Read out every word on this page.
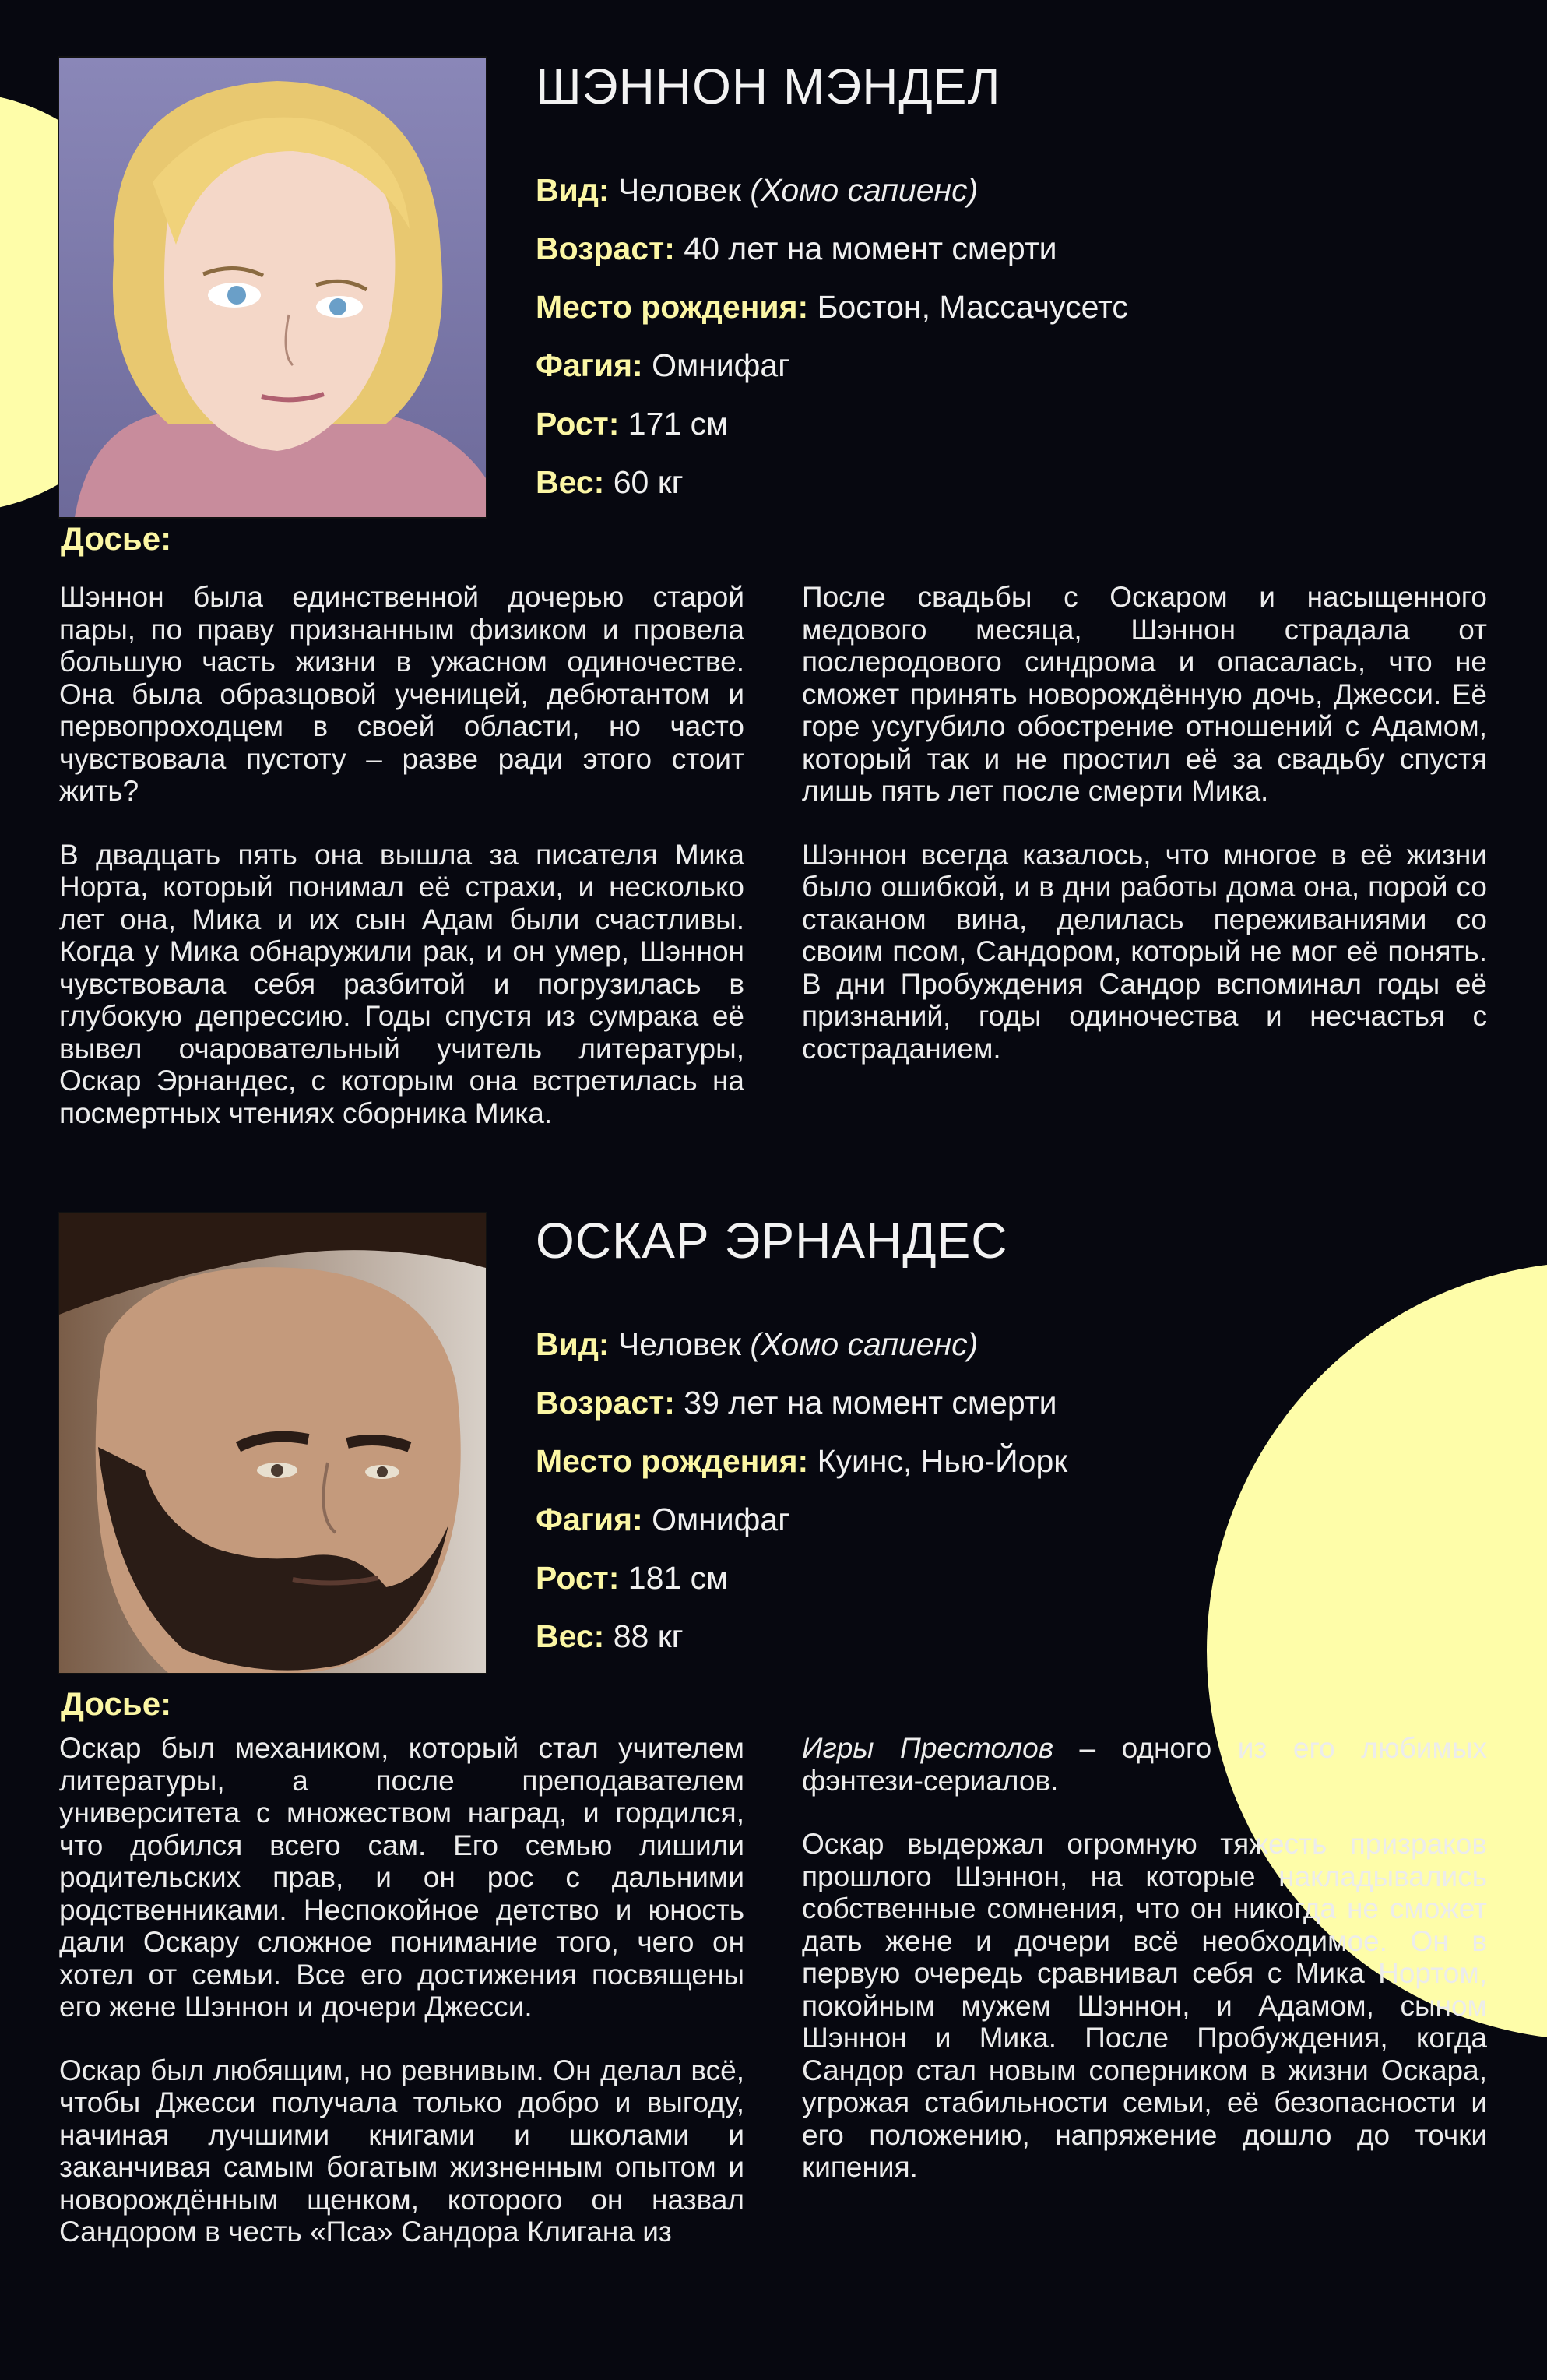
ШЭННОН МЭНДЕЛ
Вид: Человек (Хомо сапиенс)
Возраст: 40 лет на момент смерти
Место рождения: Бостон, Массачусетс
Фагия: Омнифаг
Рост: 171 см
Вес: 60 кг
Досье:

Шэннон была единственной дочерью старой пары, по праву признанным физиком и провела большую часть жизни в ужасном одиночестве. Она была образцовой ученицей, дебютантом и первопроходцем в своей области, но часто чувствовала пустоту – разве ради этого стоит жить?

В двадцать пять она вышла за писателя Мика Норта, который понимал её страхи, и несколько лет она, Мика и их сын Адам были счастливы. Когда у Мика обнаружили рак, и он умер, Шэннон чувствовала себя разбитой и погрузилась в глубокую депрессию. Годы спустя из сумрака её вывел очаровательный учитель литературы, Оскар Эрнандес, с которым она встретилась на посмертных чтениях сборника Мика.

После свадьбы с Оскаром и насыщенного медового месяца, Шэннон страдала от послеродового синдрома и опасалась, что не сможет принять новорождённую дочь, Джесси. Её горе усугубило обострение отношений с Адамом, который так и не простил её за свадьбу спустя лишь пять лет после смерти Мика.

Шэннон всегда казалось, что многое в её жизни было ошибкой, и в дни работы дома она, порой со стаканом вина, делилась переживаниями со своим псом, Сандором, который не мог её понять. В дни Пробуждения Сандор вспоминал годы её признаний, годы одиночества и несчастья с состраданием.

ОСКАР ЭРНАНДЕС
Вид: Человек (Хомо сапиенс)
Возраст: 39 лет на момент смерти
Место рождения: Куинс, Нью-Йорк
Фагия: Омнифаг
Рост: 181 см
Вес: 88 кг
Досье:

Оскар был механиком, который стал учителем литературы, а после преподавателем университета с множеством наград, и гордился, что добился всего сам. Его семью лишили родительских прав, и он рос с дальними родственниками. Неспокойное детство и юность дали Оскару сложное понимание того, чего он хотел от семьи. Все его достижения посвящены его жене Шэннон и дочери Джесси.

Оскар был любящим, но ревнивым. Он делал всё, чтобы Джесси получала только добро и выгоду, начиная лучшими книгами и школами и заканчивая самым богатым жизненным опытом и новорождённым щенком, которого он назвал Сандором в честь «Пса» Сандора Клигана из

Игры Престолов – одного из его любимых фэнтези-сериалов.

Оскар выдержал огромную тяжесть призраков прошлого Шэннон, на которые накладывались собственные сомнения, что он никогда не сможет дать жене и дочери всё необходимое. Он в первую очередь сравнивал себя с Мика Нортом, покойным мужем Шэннон, и Адамом, сыном Шэннон и Мика. После Пробуждения, когда Сандор стал новым соперником в жизни Оскара, угрожая стабильности семьи, её безопасности и его положению, напряжение дошло до точки кипения.
